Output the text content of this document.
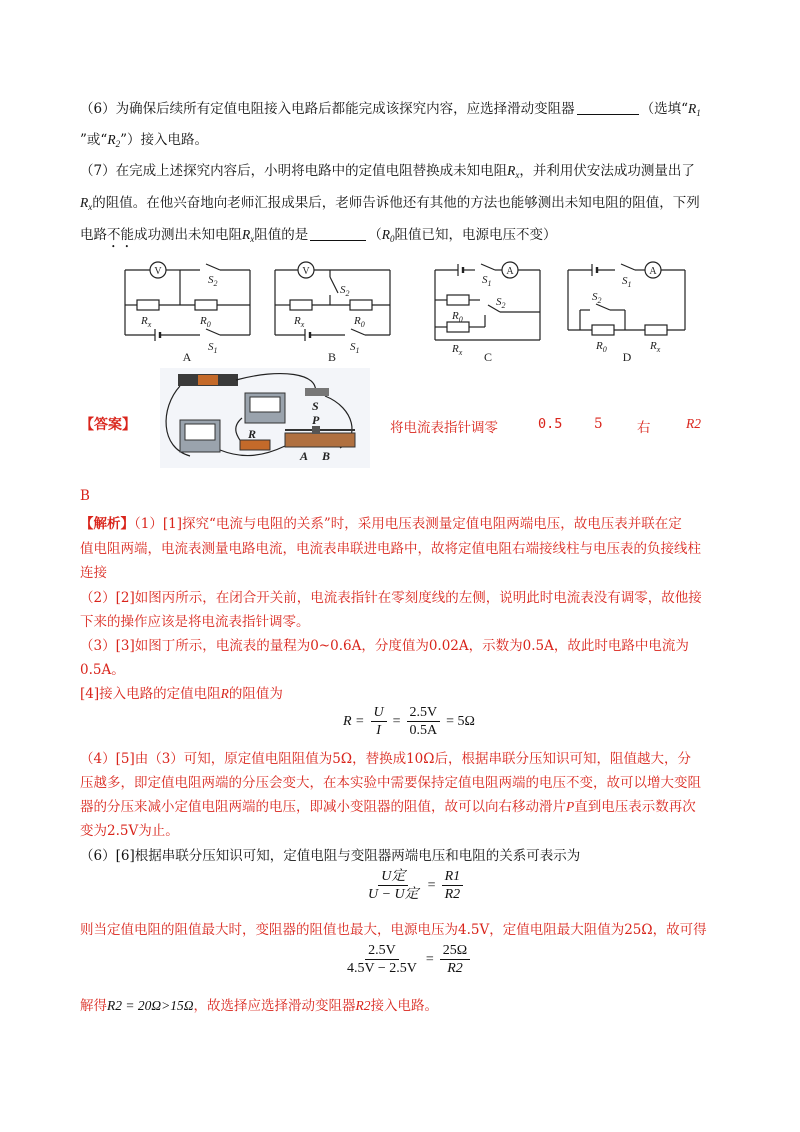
（6）为确保后续所有定值电阻接入电路后都能完成该探究内容，应选择滑动变阻器	（选填“$R_1$
”或“$R_2$”）接入电路。
（7）在完成上述探究内容后，小明将电路中的定值电阻替换成未知电阻$R_x$，并利用伏安法成功测量出了
$R_x$的阻值。在他兴奋地向老师汇报成果后，老师告诉他还有其他的方法也能够测出未知电阻的阻值，下列
电路不能成功测出未知电阻$R_x$阻值的是	（$R_0$阻值已知，电源电压不变）
V	V	A	A
$S_2$
$R_x$	$R_0$
$S_1$
$S_2$
$R_x$	$R_0$
$S_1$
$S_1$
$S_2$
$R_0$
$R_x$
$S_1$
$S_2$
$R_0$	$R_x$
A	B	C	D
【答案】
S
P
R
A B
将电流表指针调零	0.5 5	右	R2
B
【解析】（1）[1]探究“电流与电阻的关系”时，采用电压表测量定值电阻两端电压，故电压表并联在定
值电阻两端，电流表测量电路电流，电流表串联进电路中，故将定值电阻右端接线柱与电压表的负接线柱
连接
（2）[2]如图丙所示，在闭合开关前，电流表指针在零刻度线的左侧，说明此时电流表没有调零，故他接
下来的操作应该是将电流表指针调零。
（3）[3]如图丁所示，电流表的量程为0~0.6A，分度值为0.02A，示数为0.5A，故此时电路中电流为
0.5A。
[4]接入电路的定值电阻R的阻值为
$R = \frac{U}{I} = \frac{2.5V}{0.5A} = 5\Omega$
（4）[5]由（3）可知，原定值电阻阻值为5Ω，替换成10Ω后，根据串联分压知识可知，阻值越大，分
压越多，即定值电阻两端的分压会变大，在本实验中需要保持定值电阻两端的电压不变，故可以增大变阻
器的分压来减小定值电阻两端的电压，即减小变阻器的阻值，故可以向右移动滑片P直到电压表示数再次
变为2.5V为止。
（6）[6]根据串联分压知识可知，定值电阻与变阻器两端电压和电阻的关系可表示为
$\frac{\text{U定}}{\text{U − U定}} = \frac{R1}{R2}$
则当定值电阻的阻值最大时，变阻器的阻值也最大，电源电压为4.5V，定值电阻最大阻值为25Ω，故可得
$\frac{2.5V}{4.5V - 2.5V} = \frac{25\Omega}{R2}$
解得R2 = 20Ω>15Ω，故选择应选择滑动变阻器R2接入电路。
